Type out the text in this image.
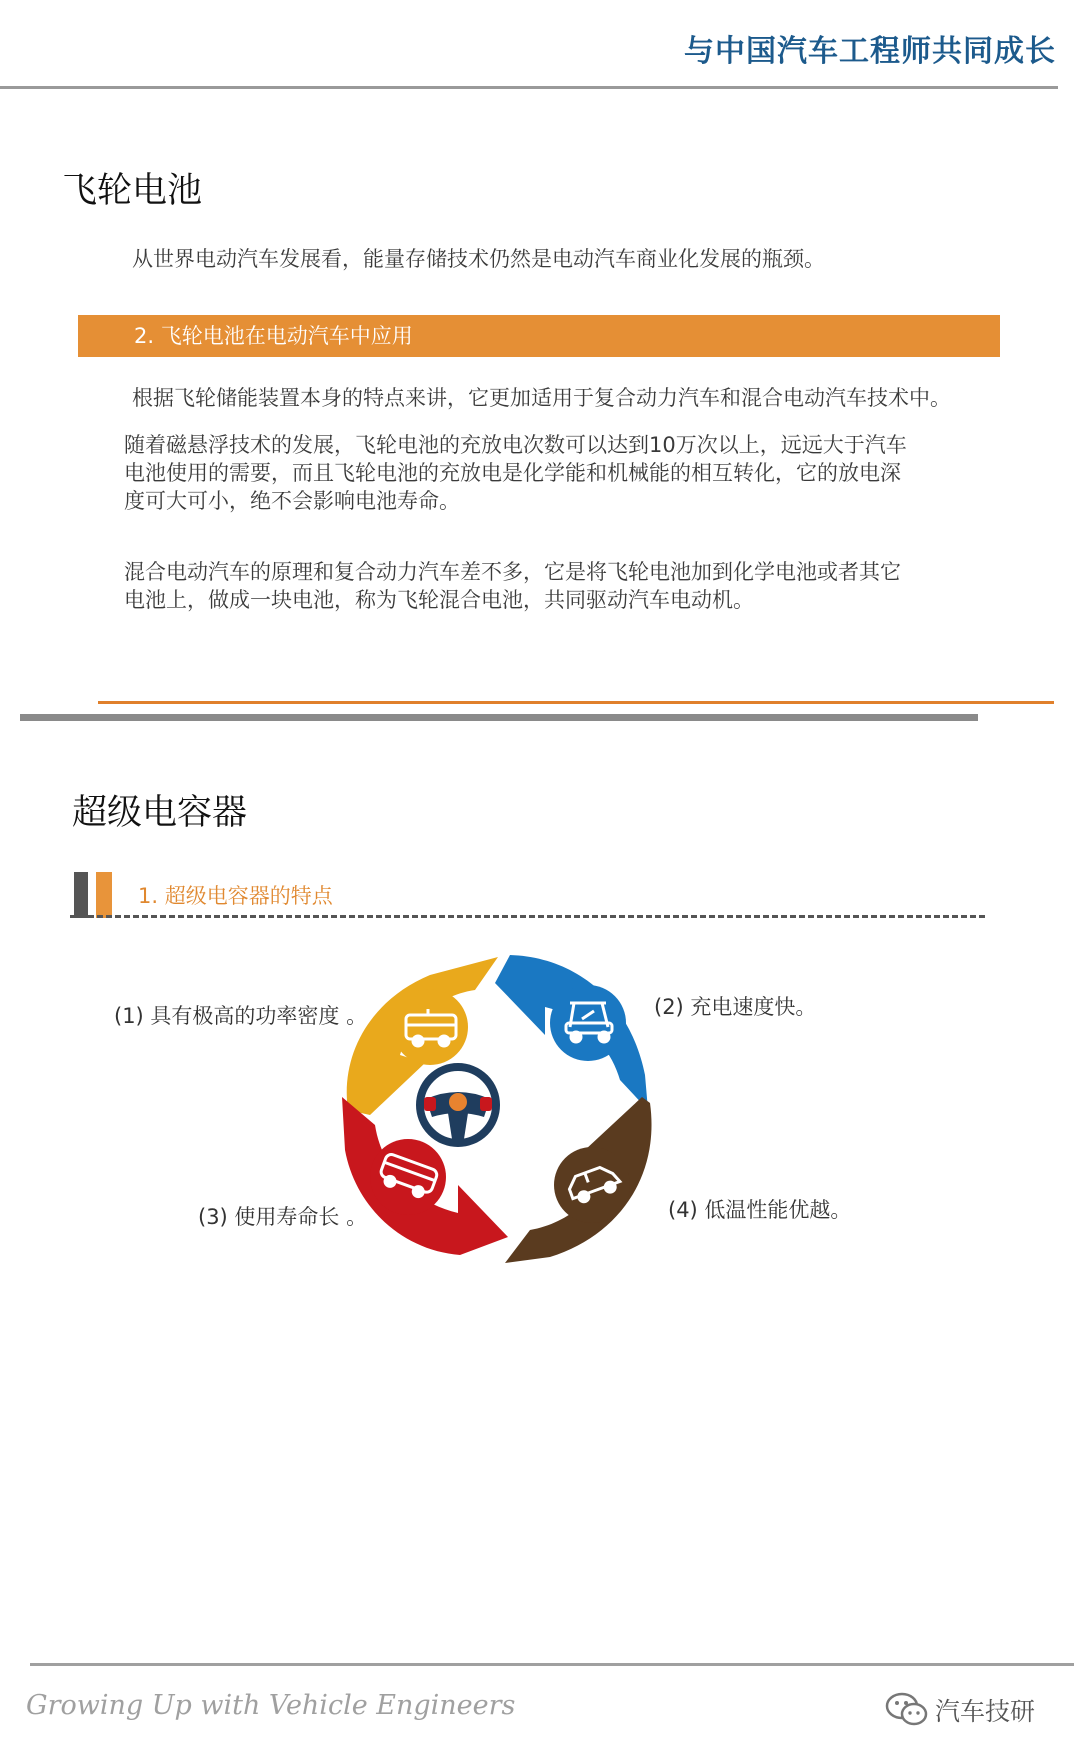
与中国汽车工程师共同成长
飞轮电池
从世界电动汽车发展看，能量存储技术仍然是电动汽车商业化发展的瓶颈。
2. 飞轮电池在电动汽车中应用
根据飞轮储能装置本身的特点来讲，它更加适用于复合动力汽车和混合电动汽车技术中。
随着磁悬浮技术的发展，飞轮电池的充放电次数可以达到10万次以上，远远大于汽车
电池使用的需要，而且飞轮电池的充放电是化学能和机械能的相互转化，它的放电深
度可大可小，绝不会影响电池寿命。
混合电动汽车的原理和复合动力汽车差不多，它是将飞轮电池加到化学电池或者其它
电池上，做成一块电池，称为飞轮混合电池，共同驱动汽车电动机。
超级电容器
1. 超级电容器的特点
(1) 具有极高的功率密度 。	(2) 充电速度快。
(3) 使用寿命长 。	(4) 低温性能优越。
Growing Up with Vehicle Engineers	汽车技研
